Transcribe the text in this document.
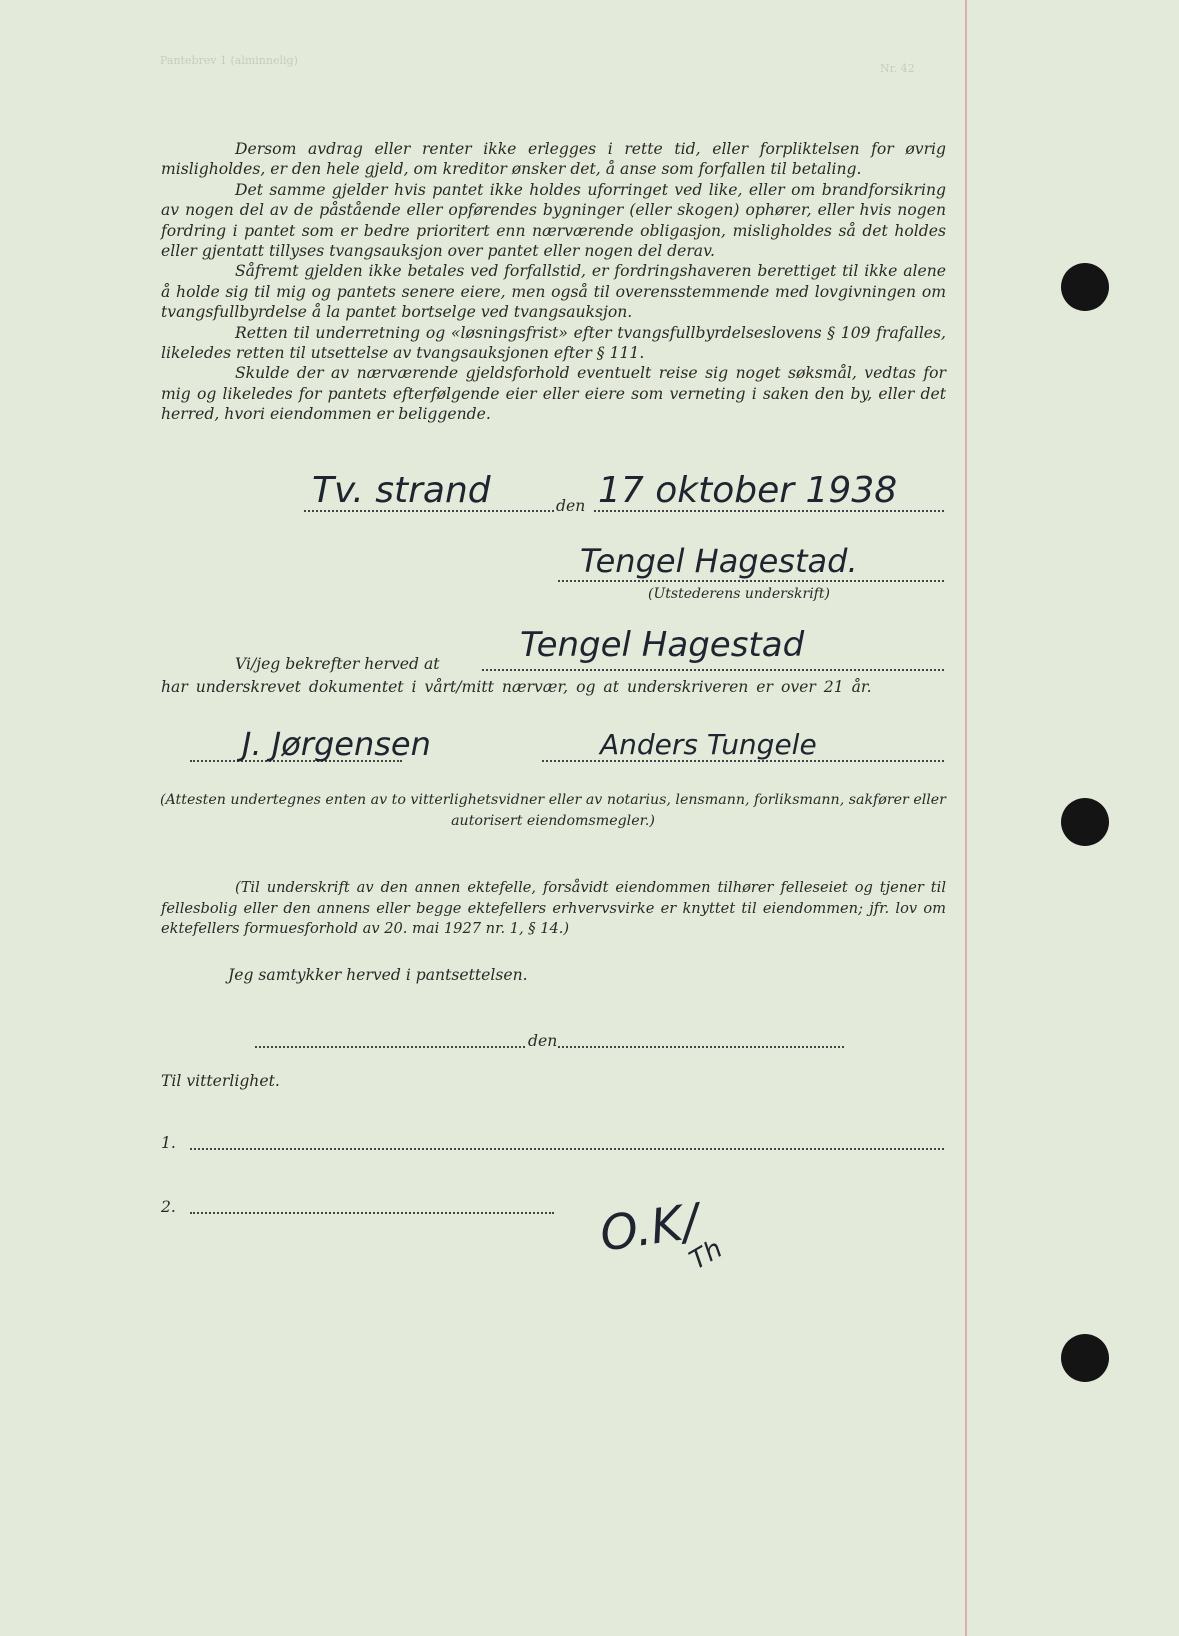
Pantebrev 1 (alminnelig)
Nr. 42

Dersom avdrag eller renter ikke erlegges i rette tid, eller forpliktelsen for øvrig misligholdes, er den hele gjeld, om kreditor ønsker det, å anse som forfallen til betaling.

Det samme gjelder hvis pantet ikke holdes uforringet ved like, eller om brandforsikring av nogen del av de påstående eller opførendes bygninger (eller skogen) ophører, eller hvis nogen fordring i pantet som er bedre prioritert enn nærværende obligasjon, misligholdes så det holdes eller gjentatt tillyses tvangsauksjon over pantet eller nogen del derav.

Såfremt gjelden ikke betales ved forfallstid, er fordringshaveren berettiget til ikke alene å holde sig til mig og pantets senere eiere, men også til overensstemmende med lovgivningen om tvangsfullbyrdelse å la pantet bortselge ved tvangsauksjon.

Retten til underretning og «løsningsfrist» efter tvangsfullbyrdelseslovens § 109 frafalles, likeledes retten til utsettelse av tvangsauksjonen efter § 111.

Skulde der av nærværende gjeldsforhold eventuelt reise sig noget søksmål, vedtas for mig og likeledes for pantets efterfølgende eier eller eiere som verneting i saken den by, eller det herred, hvori eiendommen er beliggende.

Tv. strand	den 17 oktober 1938
Tengel Hagestad.
(Utstederens underskrift)
Vi/jeg bekrefter herved at Tengel Hagestad
har underskrevet dokumentet i vårt/mitt nærvær, og at underskriveren er over 21 år.
J. Jørgensen	Anders Tungele
(Attesten undertegnes enten av to vitterlighetsvidner eller av notarius, lensmann, forliksmann, sakfører eller autorisert eiendomsmegler.)

(Til underskrift av den annen ektefelle, forsåvidt eiendommen tilhører felleseiet og tjener til fellesbolig eller den annens eller begge ektefellers erhvervsvirke er knyttet til eiendommen; jfr. lov om ektefellers formuesforhold av 20. mai 1927 nr. 1, § 14.)

Jeg samtykker herved i pantsettelsen.
den
Til vitterlighet.
1.
2.	O.K/
Th
